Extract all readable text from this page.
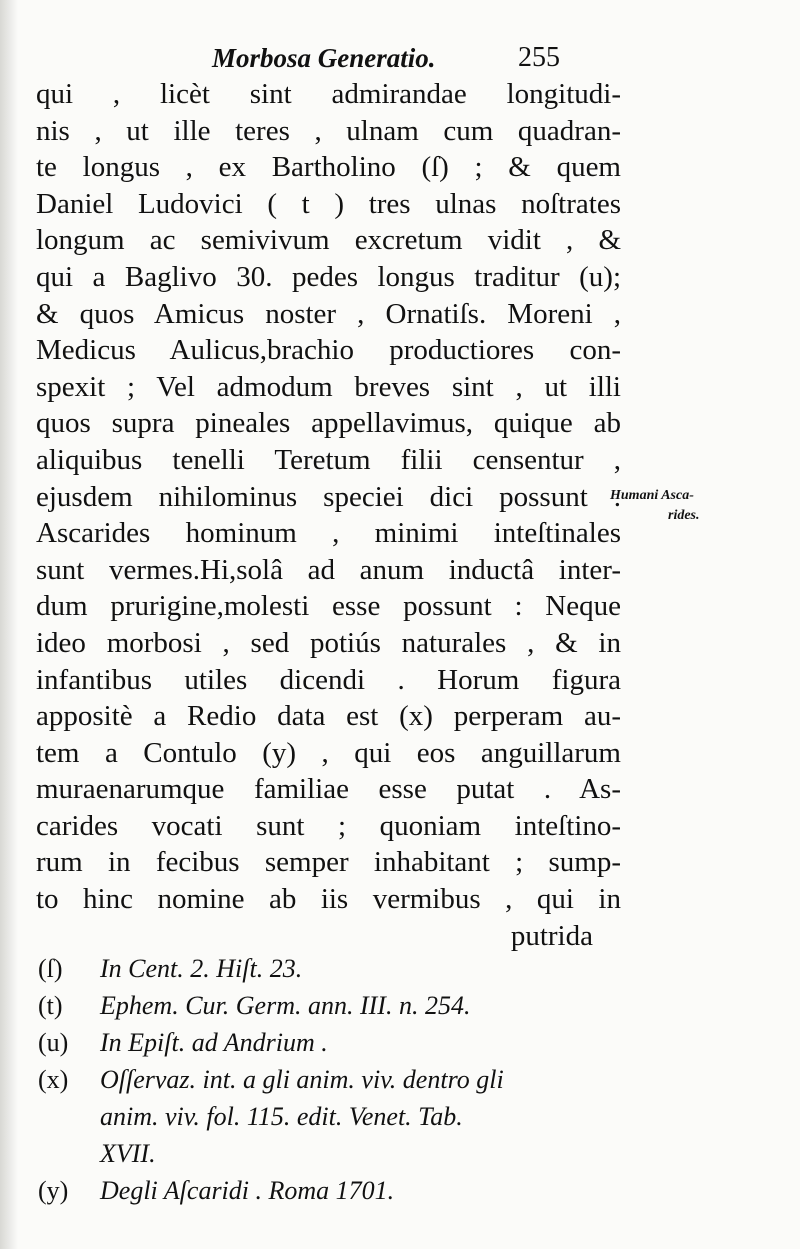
Morbosa Generatio.	255
qui , licèt sint admirandae longitudi-
nis , ut ille teres , ulnam cum quadran-
te longus , ex Bartholino (ſ) ; & quem
Daniel Ludovici ( t ) tres ulnas noſtrates
longum ac semivivum excretum vidit , &
qui a Baglivo 30. pedes longus traditur (u);
& quos Amicus noster , Ornatiſs. Moreni ,
Medicus Aulicus,brachio productiores con-
spexit ; Vel admodum breves sint , ut illi
quos supra pineales appellavimus, quique ab
aliquibus tenelli Teretum filii censentur ,
ejusdem nihilominus speciei dici possunt .
Ascarides hominum , minimi inteſtinales
sunt vermes.Hi,solâ ad anum inductâ inter-
dum prurigine,molesti esse possunt : Neque
ideo morbosi , sed potiús naturales , & in
infantibus utiles dicendi . Horum figura
appositè a Redio data est (x) perperam au-
tem a Contulo (y) , qui eos anguillarum
muraenarumque familiae esse putat . As-
carides vocati sunt ; quoniam inteſtino-
rum in fecibus semper inhabitant ; sump-
to hinc nomine ab iis vermibus , qui in
putrida
Humani Asca-
rides.
(ſ) In Cent. 2. Hiſt. 23.
(t) Ephem. Cur. Germ. ann. III. n. 254.
(u) In Epiſt. ad Andrium .
(x) Oſſervaz. int. a gli anim. viv. dentro gli
anim. viv. fol. 115. edit. Venet. Tab.
XVII.
(y) Degli Aſcaridi . Roma 1701.
